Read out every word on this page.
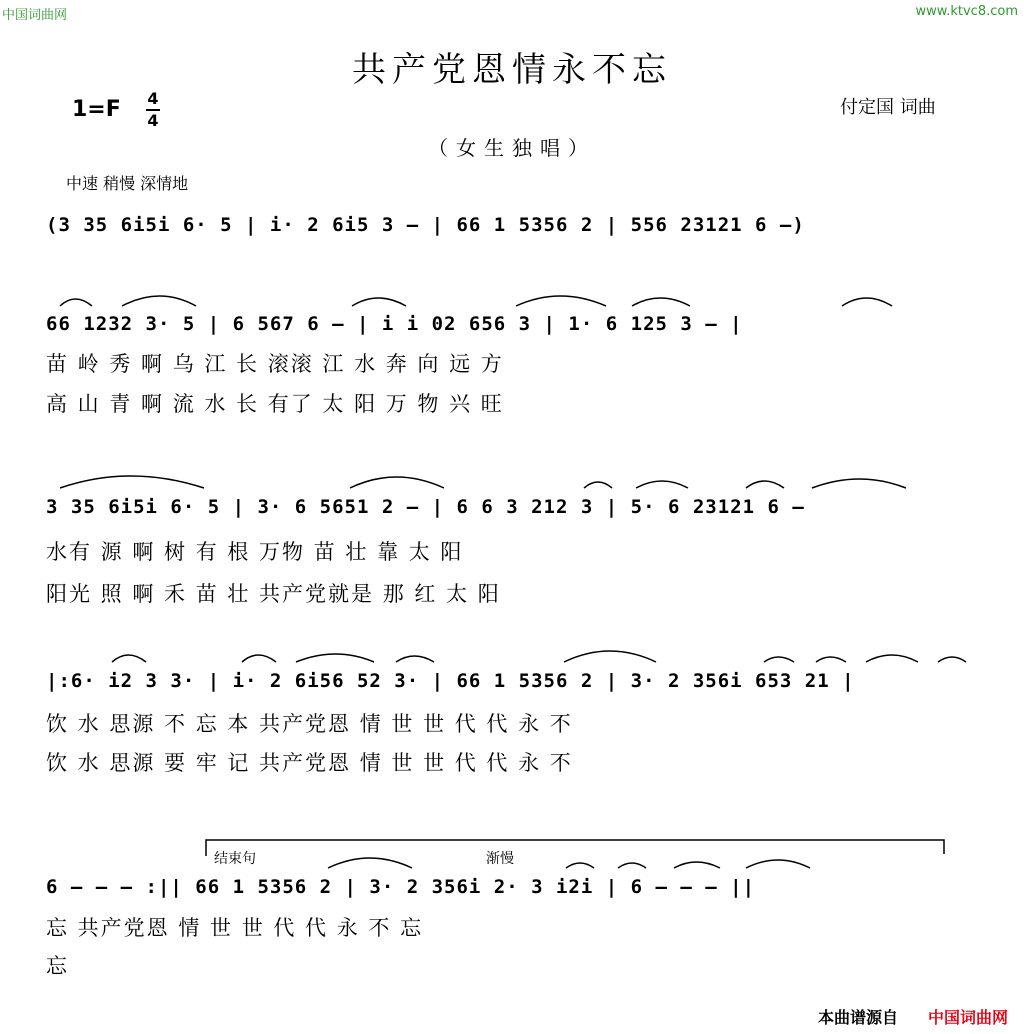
中国词曲网	www.ktvc8.com
共产党恩情永不忘
1=F 4
4
付定国 词曲
（女生独唱）
中速 稍慢 深情地
(3 35 6i5i 6· 5 | i· 2 6i5 3 – | 66 1 5356 2 | 556 23121 6 –)
66 1232 3· 5 | 6 567 6 – | i i 02 656 3 | 1· 6 125 3 – |
苗 岭 秀 啊 乌 江 长 滚滚 江 水 奔 向 远 方
高 山 青 啊 流 水 长 有了 太 阳 万 物 兴 旺
3 35 6i5i 6· 5 | 3· 6 5651 2 – | 6 6 3 212 3 | 5· 6 23121 6 –
水有 源 啊 树 有 根 万物 苗 壮 靠 太 阳
阳光 照 啊 禾 苗 壮 共产党就是 那 红 太 阳
|:6· i2 3 3· | i· 2 6i56 52 3· | 66 1 5356 2 | 3· 2 356i 653 21 |
饮 水 思源 不 忘 本 共产党恩 情 世 世 代 代 永 不
饮 水 思源 要 牢 记 共产党恩 情 世 世 代 代 永 不
结束句	渐慢
6 – – – :|| 66 1 5356 2 | 3· 2 356i 2· 3 i2i | 6 – – – ||
忘 共产党恩 情 世 世 代 代 永 不 忘
忘
本曲谱源自 中国词曲网
